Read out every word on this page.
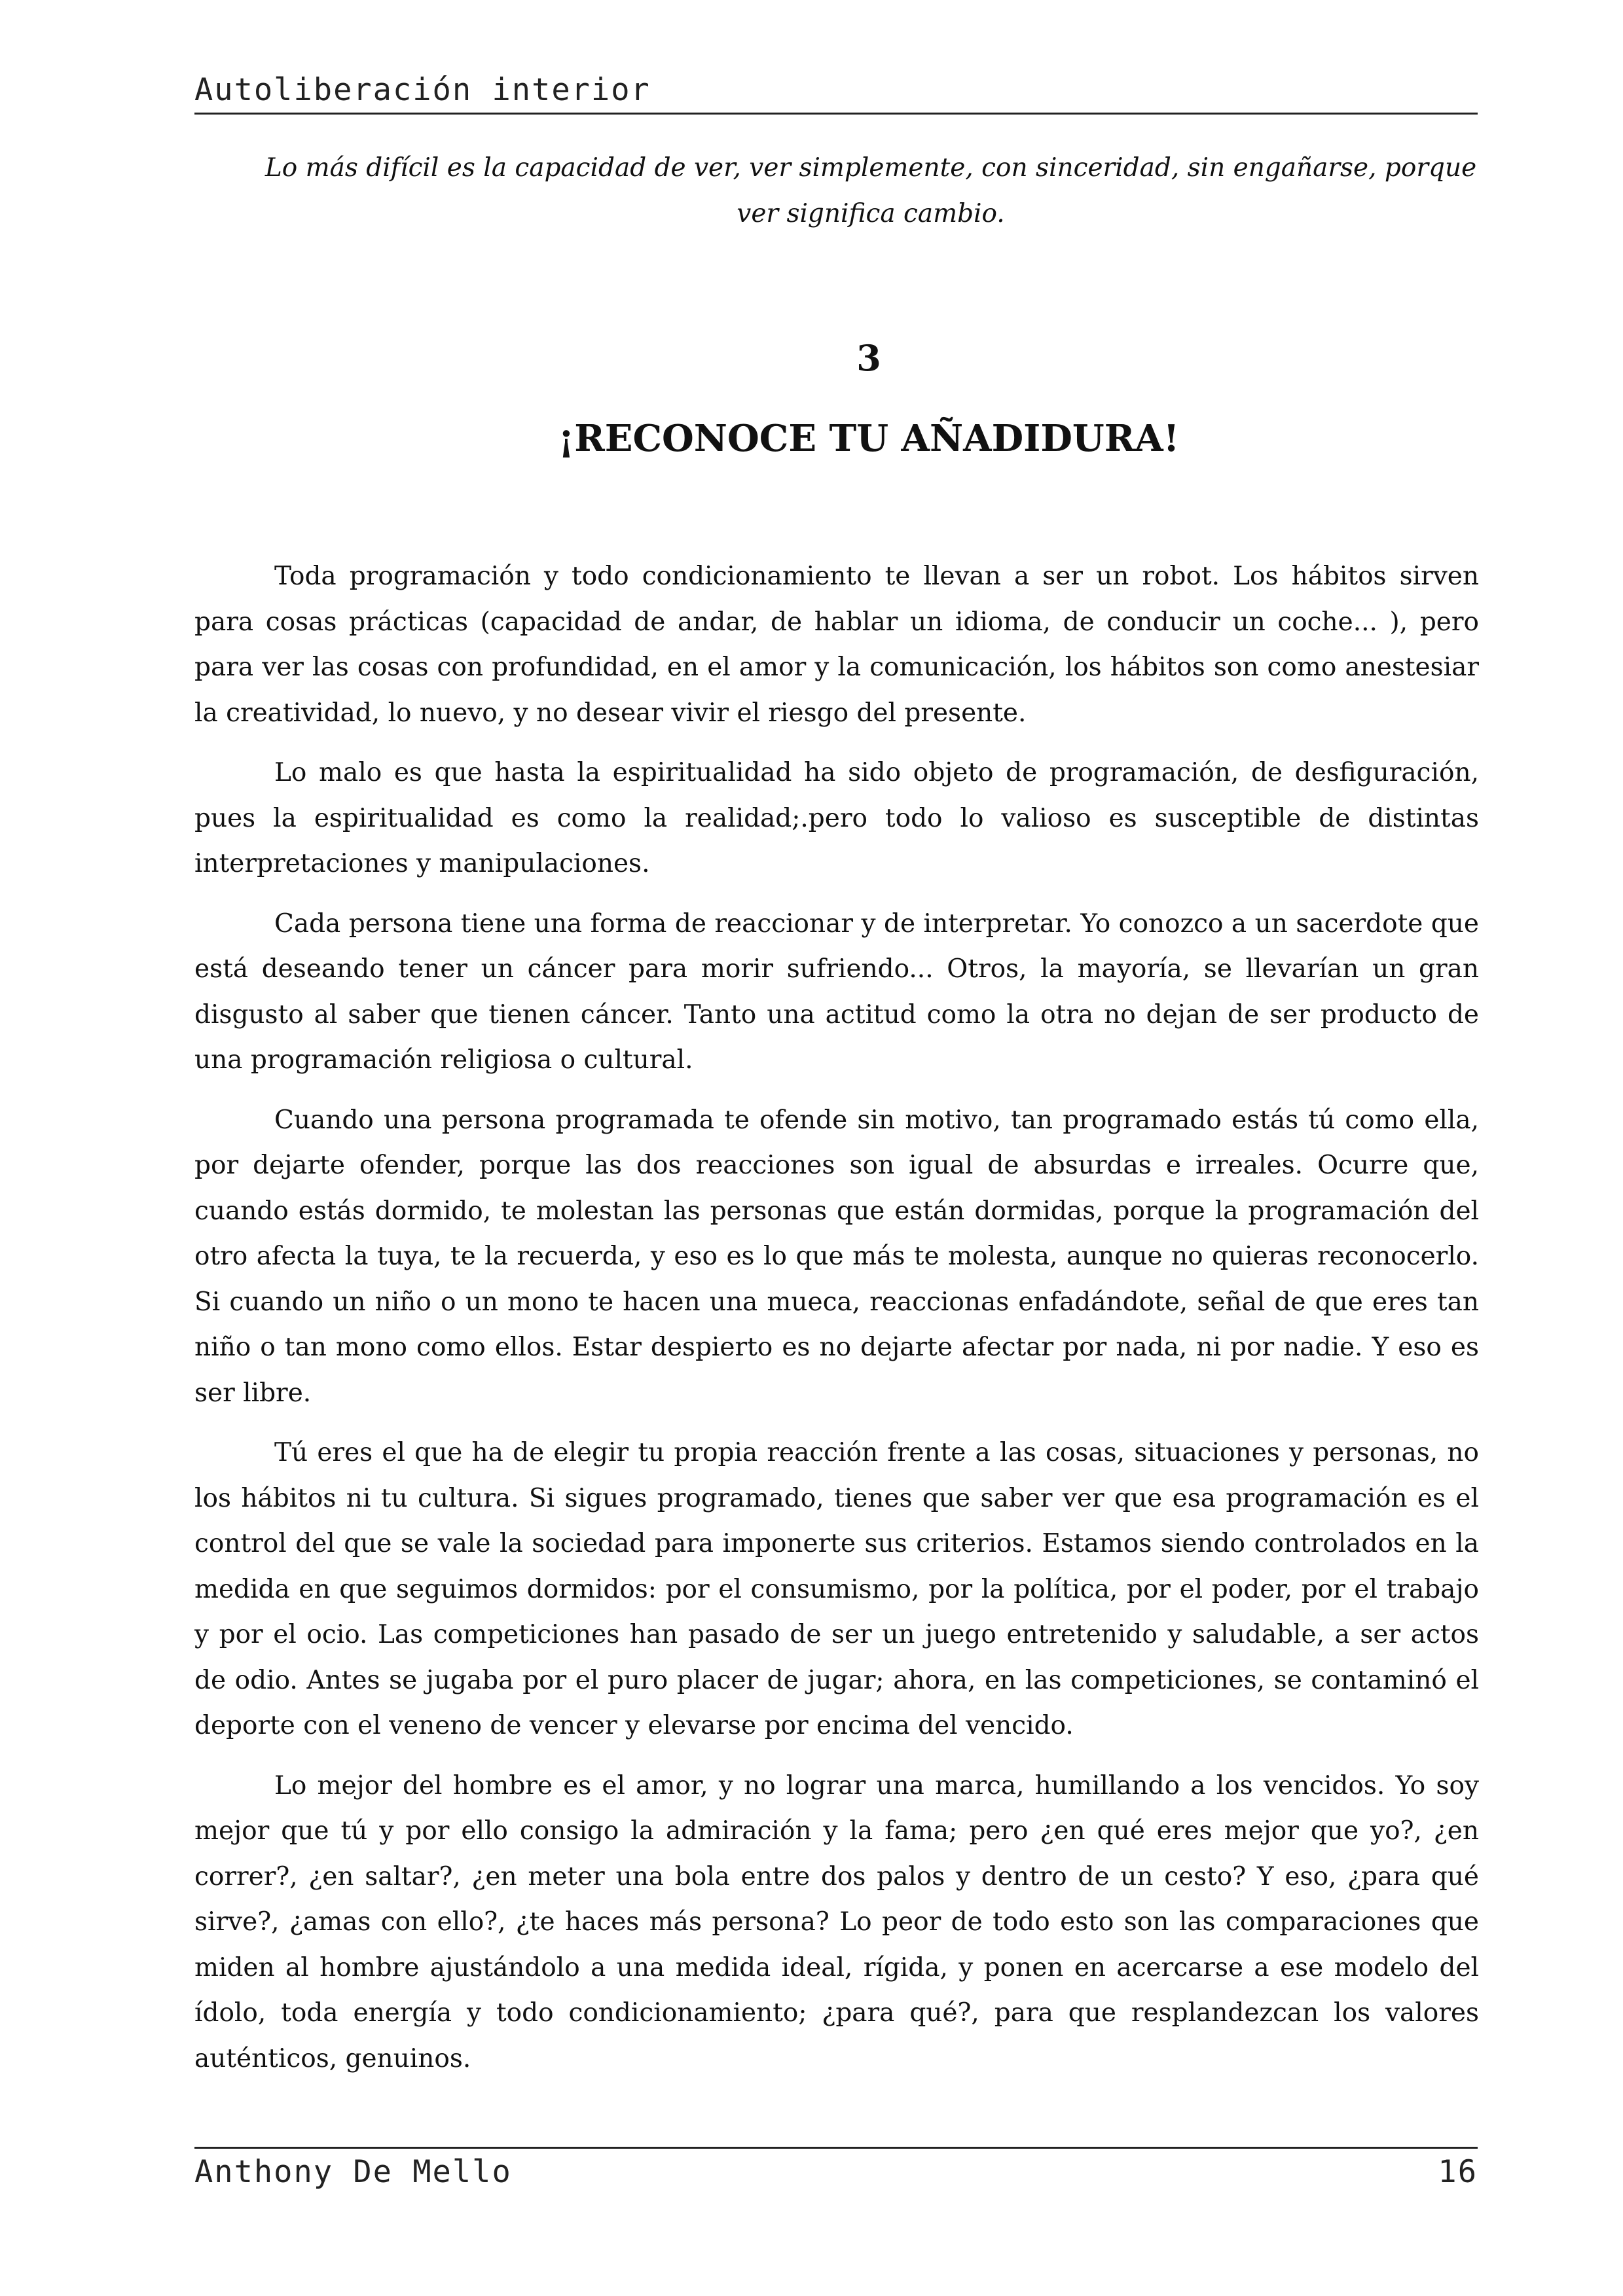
Autoliberación interior

Lo más difícil es la capacidad de ver, ver simplemente, con sinceridad, sin engañarse, porque ver significa cambio.

3
¡RECONOCE TU AÑADIDURA!

Toda programación y todo condicionamiento te llevan a ser un robot. Los hábitos sirven para cosas prácticas (capacidad de andar, de hablar un idioma, de conducir un coche... ), pero para ver las cosas con profundidad, en el amor y la comunicación, los hábitos son como anestesiar la creatividad, lo nuevo, y no desear vivir el riesgo del presente.

Lo malo es que hasta la espiritualidad ha sido objeto de programación, de desfiguración, pues la espiritualidad es como la realidad;.pero todo lo valioso es susceptible de distintas interpretaciones y manipulaciones.

Cada persona tiene una forma de reaccionar y de interpretar. Yo conozco a un sacerdote que está deseando tener un cáncer para morir sufriendo... Otros, la mayoría, se llevarían un gran disgusto al saber que tienen cáncer. Tanto una actitud como la otra no dejan de ser producto de una programación religiosa o cultural.

Cuando una persona programada te ofende sin motivo, tan programado estás tú como ella, por dejarte ofender, porque las dos reacciones son igual de absurdas e irreales. Ocurre que, cuando estás dormido, te molestan las personas que están dormidas, porque la programación del otro afecta la tuya, te la recuerda, y eso es lo que más te molesta, aunque no quieras reconocerlo. Si cuando un niño o un mono te hacen una mueca, reaccionas enfadándote, señal de que eres tan niño o tan mono como ellos. Estar despierto es no dejarte afectar por nada, ni por nadie. Y eso es ser libre.

Tú eres el que ha de elegir tu propia reacción frente a las cosas, situaciones y personas, no los hábitos ni tu cultura. Si sigues programado, tienes que saber ver que esa programación es el control del que se vale la sociedad para imponerte sus criterios. Estamos siendo controlados en la medida en que seguimos dormidos: por el consumismo, por la política, por el poder, por el trabajo y por el ocio. Las competiciones han pasado de ser un juego entretenido y saludable, a ser actos de odio. Antes se jugaba por el puro placer de jugar; ahora, en las competiciones, se contaminó el deporte con el veneno de vencer y elevarse por encima del vencido.

Lo mejor del hombre es el amor, y no lograr una marca, humillando a los vencidos. Yo soy mejor que tú y por ello consigo la admiración y la fama; pero ¿en qué eres mejor que yo?, ¿en correr?, ¿en saltar?, ¿en meter una bola entre dos palos y dentro de un cesto? Y eso, ¿para qué sirve?, ¿amas con ello?, ¿te haces más persona? Lo peor de todo esto son las comparaciones que miden al hombre ajustándolo a una medida ideal, rígida, y ponen en acercarse a ese modelo del ídolo, toda energía y todo condicionamiento; ¿para qué?, para que resplandezcan los valores auténticos, genuinos.

Anthony De Mello	16
